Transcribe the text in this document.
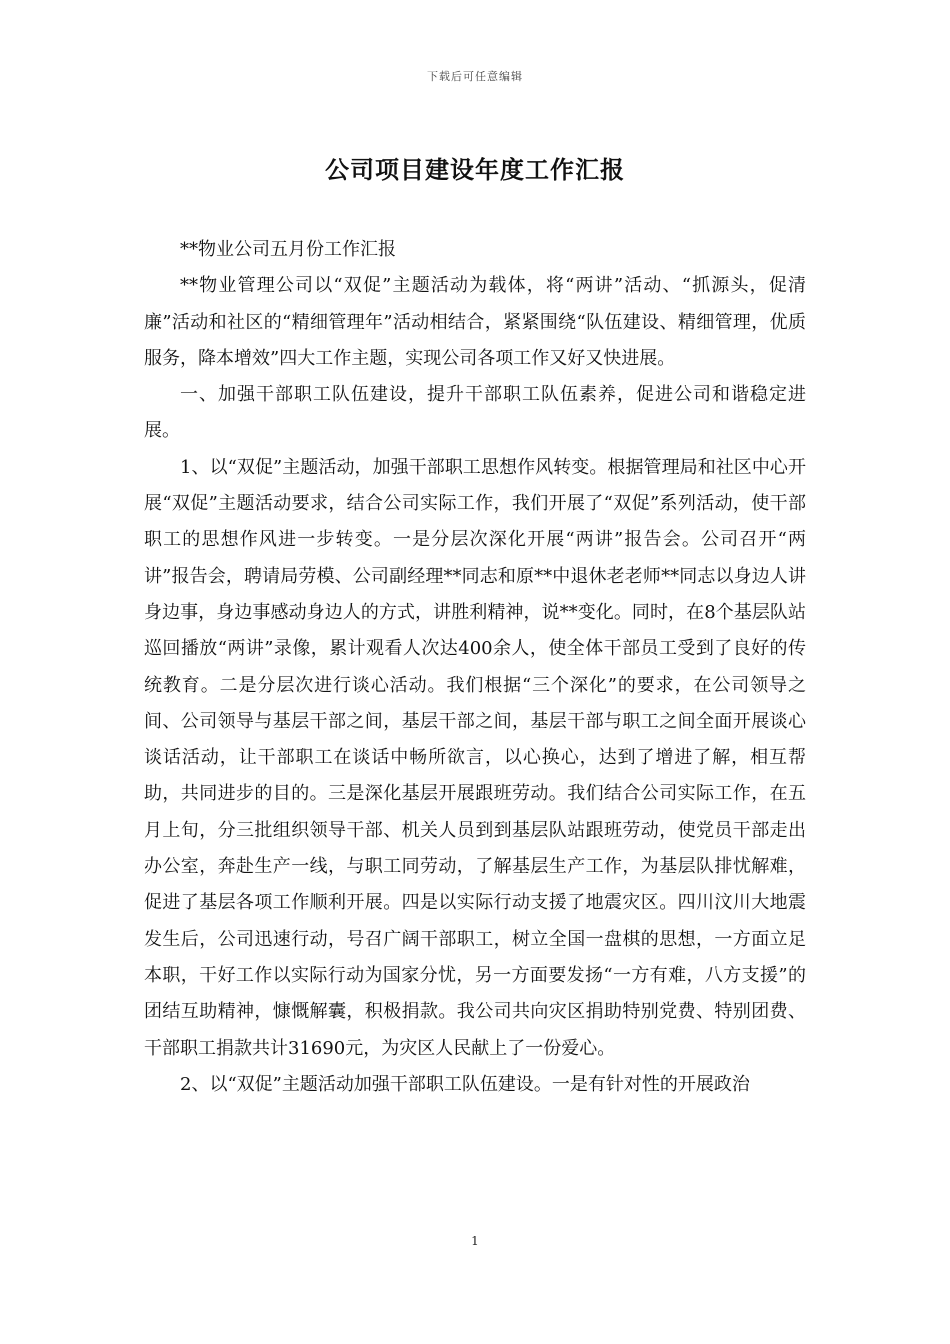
下载后可任意编辑
公司项目建设年度工作汇报

**物业公司五月份工作汇报

**物业管理公司以“双促”主题活动为载体，将“两讲”活动、“抓源头，促清廉”活动和社区的“精细管理年”活动相结合，紧紧围绕“队伍建设、精细管理，优质服务，降本增效”四大工作主题，实现公司各项工作又好又快进展。

一、加强干部职工队伍建设，提升干部职工队伍素养，促进公司和谐稳定进展。

1、以“双促”主题活动，加强干部职工思想作风转变。根据管理局和社区中心开展“双促”主题活动要求，结合公司实际工作，我们开展了“双促”系列活动，使干部职工的思想作风进一步转变。一是分层次深化开展“两讲”报告会。公司召开“两讲”报告会，聘请局劳模、公司副经理**同志和原**中退休老老师**同志以身边人讲身边事，身边事感动身边人的方式，讲胜利精神，说**变化。同时，在8个基层队站巡回播放“两讲”录像，累计观看人次达400余人，使全体干部员工受到了良好的传统教育。二是分层次进行谈心活动。我们根据“三个深化”的要求，在公司领导之间、公司领导与基层干部之间，基层干部之间，基层干部与职工之间全面开展谈心谈话活动，让干部职工在谈话中畅所欲言，以心换心，达到了增进了解，相互帮助，共同进步的目的。三是深化基层开展跟班劳动。我们结合公司实际工作，在五月上旬，分三批组织领导干部、机关人员到到基层队站跟班劳动，使党员干部走出办公室，奔赴生产一线，与职工同劳动，了解基层生产工作，为基层队排忧解难，促进了基层各项工作顺利开展。四是以实际行动支援了地震灾区。四川汶川大地震发生后，公司迅速行动，号召广阔干部职工，树立全国一盘棋的思想，一方面立足本职，干好工作以实际行动为国家分忧，另一方面要发扬“一方有难，八方支援”的团结互助精神，慷慨解囊，积极捐款。我公司共向灾区捐助特别党费、特别团费、干部职工捐款共计31690元，为灾区人民献上了一份爱心。

2、以“双促”主题活动加强干部职工队伍建设。一是有针对性的开展政治

1
